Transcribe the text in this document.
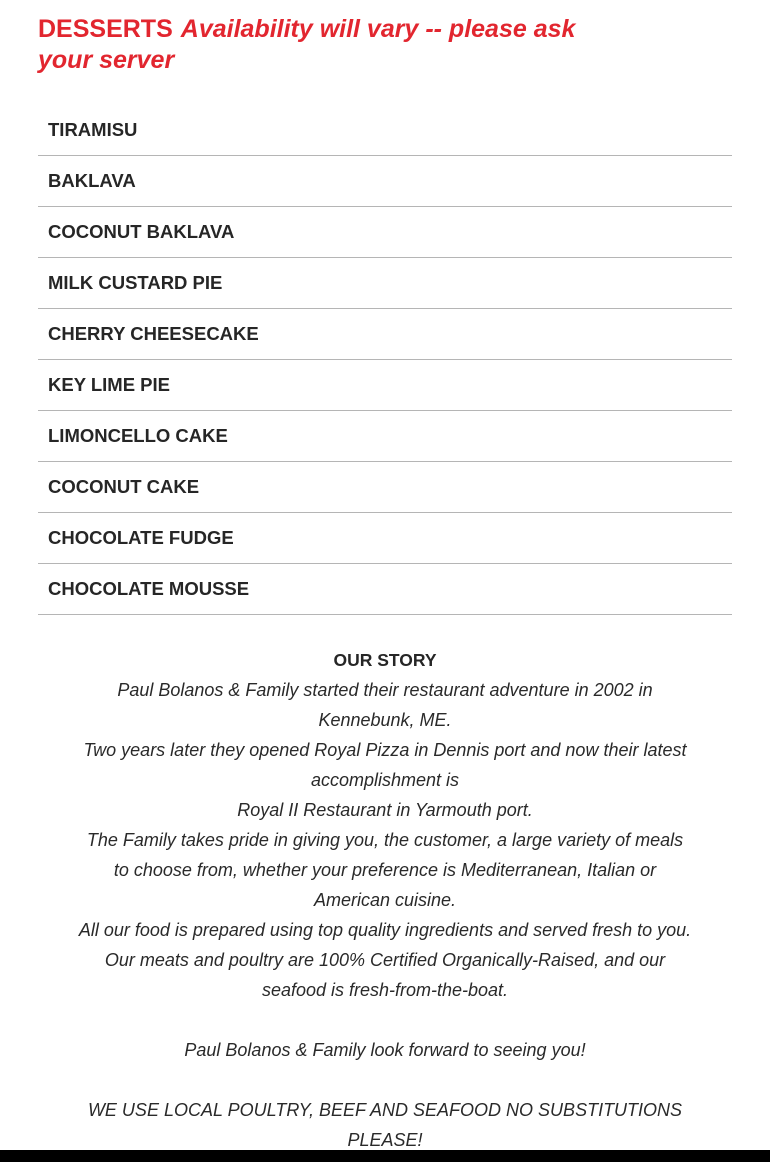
DESSERTS Availability will vary -- please ask your server
TIRAMISU
BAKLAVA
COCONUT BAKLAVA
MILK CUSTARD PIE
CHERRY CHEESECAKE
KEY LIME PIE
LIMONCELLO CAKE
COCONUT CAKE
CHOCOLATE FUDGE
CHOCOLATE MOUSSE
OUR STORY
Paul Bolanos & Family started their restaurant adventure in 2002 in
Kennebunk, ME.
Two years later they opened Royal Pizza in Dennis port and now their latest
accomplishment is
Royal II Restaurant in Yarmouth port.
The Family takes pride in giving you, the customer, a large variety of meals
to choose from, whether your preference is Mediterranean, Italian or
American cuisine.
All our food is prepared using top quality ingredients and served fresh to you.
Our meats and poultry are 100% Certified Organically-Raised, and our
seafood is fresh-from-the-boat.
Paul Bolanos & Family look forward to seeing you!
WE USE LOCAL POULTRY, BEEF AND SEAFOOD NO SUBSTITUTIONS
PLEASE!
